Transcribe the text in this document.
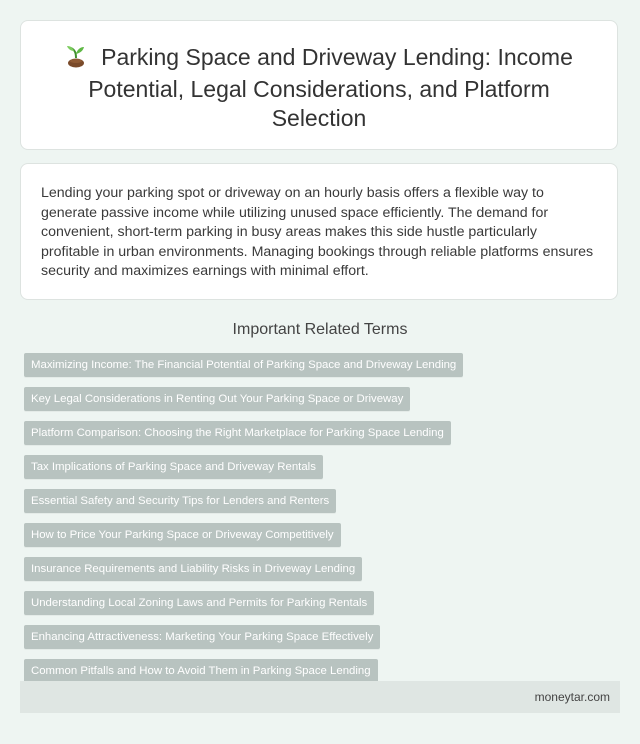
Parking Space and Driveway Lending: Income Potential, Legal Considerations, and Platform Selection

Lending your parking spot or driveway on an hourly basis offers a flexible way to generate passive income while utilizing unused space efficiently. The demand for convenient, short-term parking in busy areas makes this side hustle particularly profitable in urban environments. Managing bookings through reliable platforms ensures security and maximizes earnings with minimal effort.

Important Related Terms
Maximizing Income: The Financial Potential of Parking Space and Driveway Lending
Key Legal Considerations in Renting Out Your Parking Space or Driveway
Platform Comparison: Choosing the Right Marketplace for Parking Space Lending
Tax Implications of Parking Space and Driveway Rentals
Essential Safety and Security Tips for Lenders and Renters
How to Price Your Parking Space or Driveway Competitively
Insurance Requirements and Liability Risks in Driveway Lending
Understanding Local Zoning Laws and Permits for Parking Rentals
Enhancing Attractiveness: Marketing Your Parking Space Effectively
Common Pitfalls and How to Avoid Them in Parking Space Lending
moneytar.com
